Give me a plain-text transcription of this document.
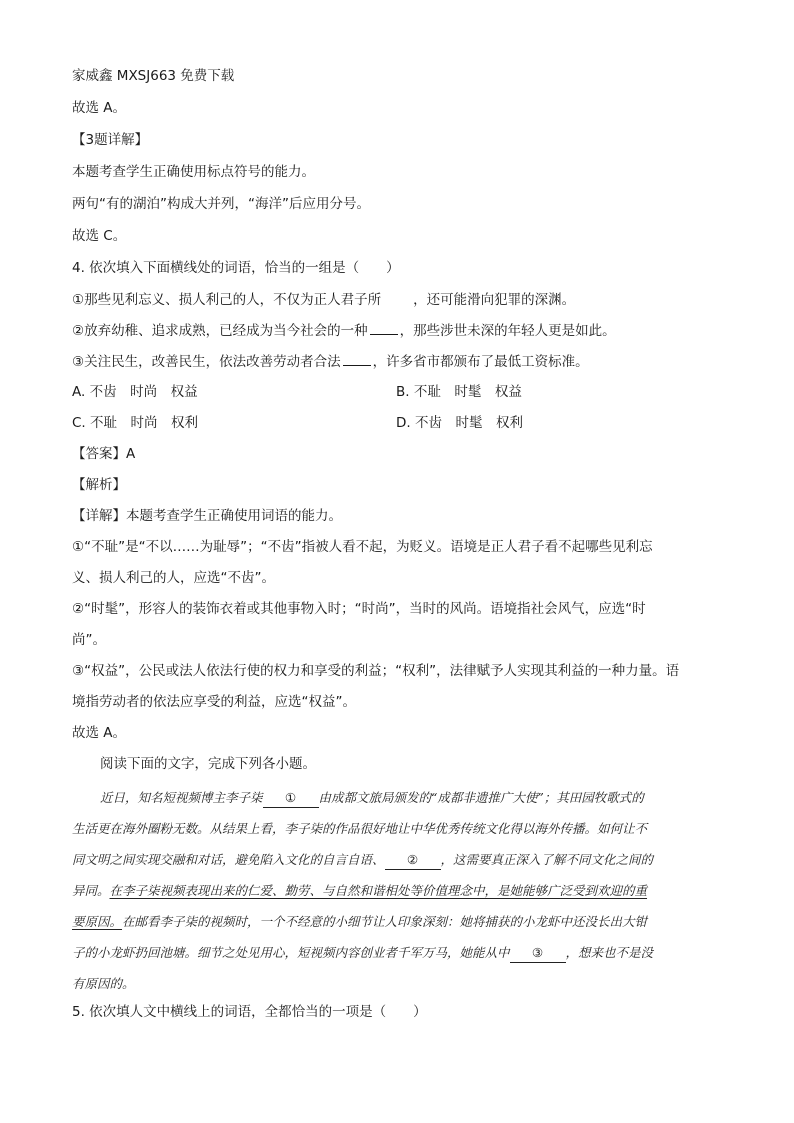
家威鑫 MXSJ663 免费下载
故选 A。
【3题详解】
本题考查学生正确使用标点符号的能力。
两句“有的湖泊”构成大并列，“海洋”后应用分号。
故选 C。
4. 依次填入下面横线处的词语，恰当的一组是（　　）
①那些见利忘义、损人利己的人，不仅为正人君子所 ，还可能滑向犯罪的深渊。
②放弃幼稚、追求成熟，已经成为当今社会的一种 ，那些涉世未深的年轻人更是如此。
③关注民生，改善民生，依法改善劳动者合法 ，许多省市都颁布了最低工资标准。
A. 不齿　时尚　权益	B. 不耻　时髦　权益
C. 不耻　时尚　权利	D. 不齿　时髦　权利
【答案】A
【解析】
【详解】本题考查学生正确使用词语的能力。
①“不耻”是“不以……为耻辱”；“不齿”指被人看不起，为贬义。语境是正人君子看不起哪些见利忘
义、损人利己的人，应选“不齿”。
②“时髦”，形容人的装饰衣着或其他事物入时；“时尚”，当时的风尚。语境指社会风气，应选“时
尚”。
③“权益”，公民或法人依法行使的权力和享受的利益；“权利”，法律赋予人实现其利益的一种力量。语
境指劳动者的依法应享受的利益，应选“权益”。
故选 A。
阅读下面的文字，完成下列各小题。
近日，知名短视频博主李子柒 ① 由成都文旅局颁发的“成都非遗推广大使”；其田园牧歌式的
生活更在海外圈粉无数。从结果上看，李子柒的作品很好地让中华优秀传统文化得以海外传播。如何让不
同文明之间实现交融和对话，避免陷入文化的自言自语、 ② ，这需要真正深入了解不同文化之间的
异同。在李子柒视频表现出来的仁爱、勤劳、与自然和谐相处等价值理念中，是她能够广泛受到欢迎的重
要原因。在邮看李子柒的视频时，一个不经意的小细节让人印象深刻：她将捕获的小龙虾中还没长出大钳
子的小龙虾扔回池塘。细节之处见用心，短视频内容创业者千军万马，她能从中 ③ ，想来也不是没
有原因的。
5. 依次填人文中横线上的词语，全都恰当的一项是（　　）
